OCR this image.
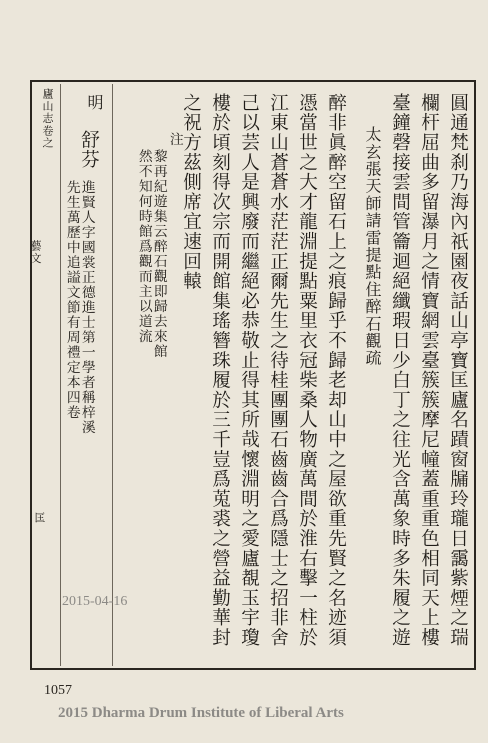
圓通梵刹乃海內祇園夜話山亭寶匡廬名蹟窗牖玲瓏日靄紫煙之瑞
欄杆屈曲多留瀑月之情寶網雲臺簇簇摩尼幢蓋重重色相同天上樓
臺鐘磬接雲間管籥迴絕纖瑕日少白丁之往光含萬象時多朱履之遊
太玄張天師請雷提點住醉石觀疏
醉非眞醉空留石上之痕歸乎不歸老却山中之屋欲重先賢之名迹須
憑當世之大才龍淵提點粟里衣冠柴桑人物廣萬間於淮右擊一柱於
江東山蒼蒼水茫茫正爾先生之待桂團團石齒齒合爲隱士之招非舍
己以芸人是興廢而繼絕必恭敬止得其所哉懷淵明之愛廬覩玉宇瓊
樓於頃刻得次宗而開館集瑤簪珠履於三千豈爲莵裘之營益勤華封
之祝方茲側席宜速回轅
注
黎再紀遊集云醉石觀即歸去來館
然不知何時館爲觀而主以道流
明
舒芬
進賢人字國裳正德進士第一學者稱梓溪
先生萬歷中追謚文節有周禮定本四卷
廬山志卷之
藝文
匡
1057
2015-04-16
2015 Dharma Drum Institute of Liberal Arts
